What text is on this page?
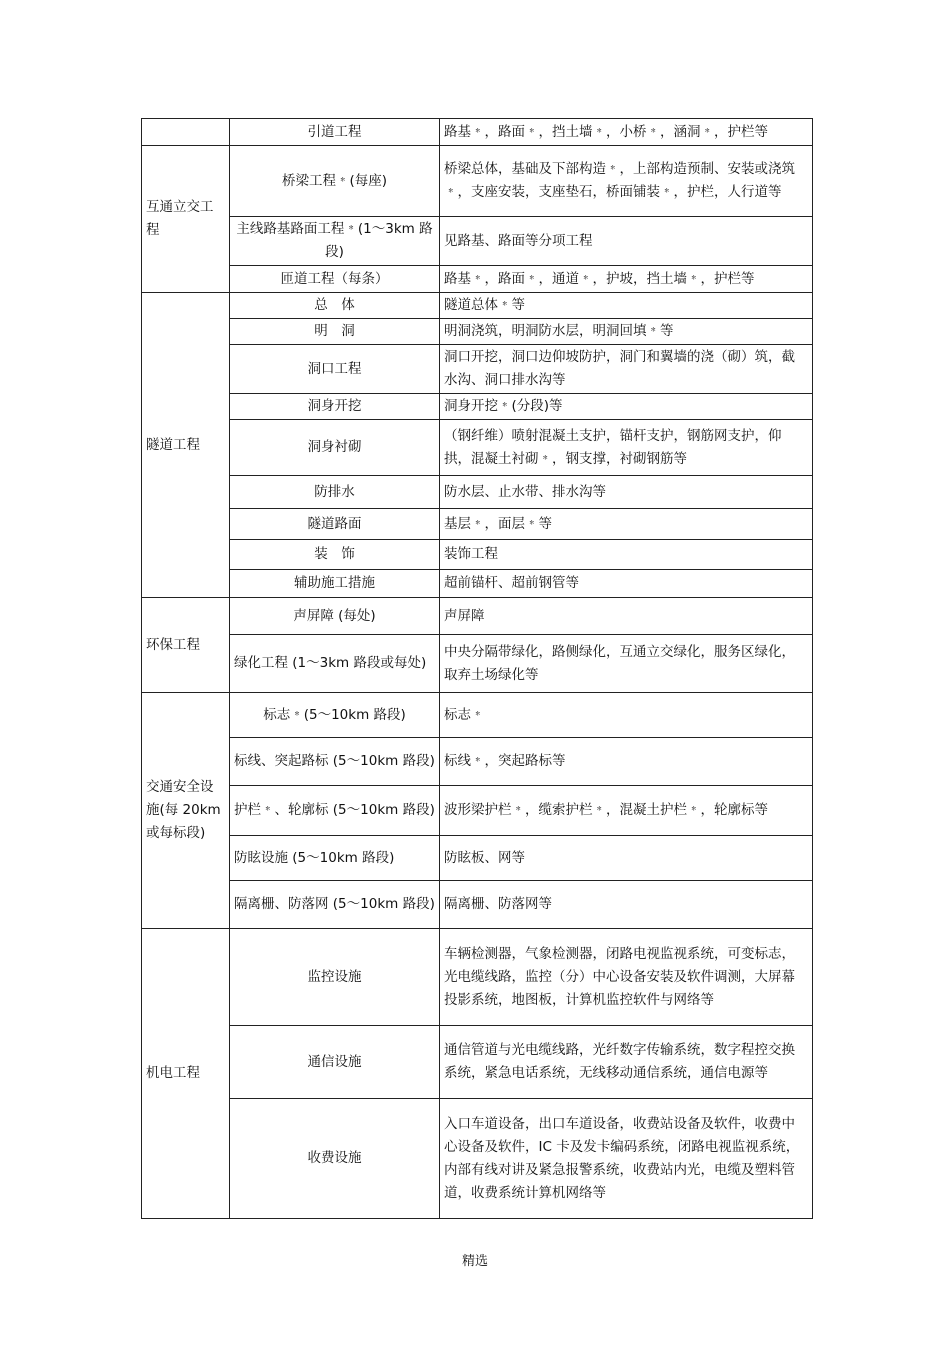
	引道工程	路基﹡，路面﹡，挡土墙﹡，小桥﹡，涵洞﹡，护栏等
互通立交工　　程	桥梁工程﹡(每座)	桥梁总体，基础及下部构造﹡，上部构造预制、安装或浇筑﹡，支座安装，支座垫石，桥面铺装﹡，护栏，人行道等
	主线路基路面工程﹡(1～3km 路段)	见路基、路面等分项工程
	匝道工程（每条）	路基﹡，路面﹡，通道﹡，护坡，挡土墙﹡，护栏等
隧道工程	总　体	隧道总体﹡等
	明　洞	明洞浇筑，明洞防水层，明洞回填﹡等
	洞口工程	洞口开挖，洞口边仰坡防护，洞门和翼墙的浇（砌）筑，截水沟、洞口排水沟等
	洞身开挖	洞身开挖﹡(分段)等
	洞身衬砌	（钢纤维）喷射混凝土支护，锚杆支护，钢筋网支护，仰拱，混凝土衬砌﹡，钢支撑，衬砌钢筋等
	防排水	防水层、止水带、排水沟等
	隧道路面	基层﹡，面层﹡等
	装　饰	装饰工程
	辅助施工措施	超前锚杆、超前钢管等
环保工程	声屏障 (每处)	声屏障
	绿化工程 (1～3km 路段或每处)	中央分隔带绿化，路侧绿化，互通立交绿化，服务区绿化，取弃土场绿化等
交通安全设施(每 20km 或每标段)	标志﹡(5～10km 路段)	标志﹡
	标线、突起路标 (5～10km 路段)	标线﹡，突起路标等
	护栏﹡、轮廓标 (5～10km 路段)	波形梁护栏﹡，缆索护栏﹡，混凝土护栏﹡，轮廓标等
	防眩设施 (5～10km 路段)	防眩板、网等
	隔离栅、防落网 (5～10km 路段)	隔离栅、防落网等
机电工程	监控设施	车辆检测器，气象检测器，闭路电视监视系统，可变标志，光电缆线路，监控（分）中心设备安装及软件调测，大屏幕投影系统，地图板，计算机监控软件与网络等
	通信设施	通信管道与光电缆线路，光纤数字传输系统，数字程控交换系统，紧急电话系统，无线移动通信系统，通信电源等
	收费设施	入口车道设备，出口车道设备，收费站设备及软件，收费中心设备及软件，IC 卡及发卡编码系统，闭路电视监视系统，内部有线对讲及紧急报警系统，收费站内光，电缆及塑料管道，收费系统计算机网络等
精选
